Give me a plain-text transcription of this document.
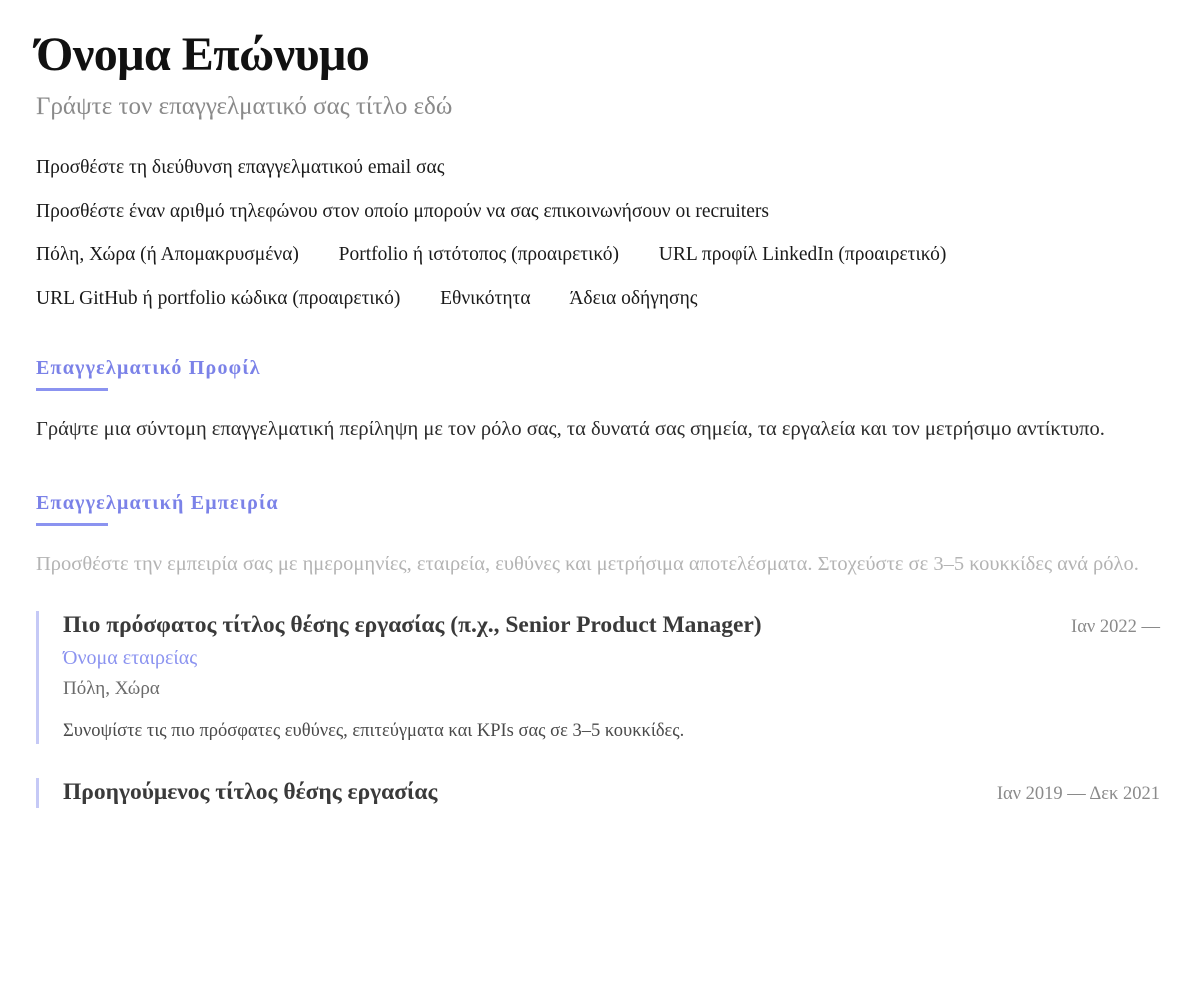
Όνομα Επώνυμο
Γράψτε τον επαγγελματικό σας τίτλο εδώ
Προσθέστε τη διεύθυνση επαγγελματικού email σας
Προσθέστε έναν αριθμό τηλεφώνου στον οποίο μπορούν να σας επικοινωνήσουν οι recruiters
Πόλη, Χώρα (ή Απομακρυσμένα) Portfolio ή ιστότοπος (προαιρετικό) URL προφίλ LinkedIn (προαιρετικό)
URL GitHub ή portfolio κώδικα (προαιρετικό) Εθνικότητα Άδεια οδήγησης
Επαγγελματικό Προφίλ

Γράψτε μια σύντομη επαγγελματική περίληψη με τον ρόλο σας, τα δυνατά σας σημεία, τα εργαλεία και τον μετρήσιμο αντίκτυπο.

Επαγγελματική Εμπειρία

Προσθέστε την εμπειρία σας με ημερομηνίες, εταιρεία, ευθύνες και μετρήσιμα αποτελέσματα. Στοχεύστε σε 3–5 κουκκίδες ανά ρόλο.

Πιο πρόσφατος τίτλος θέσης εργασίας (π.χ., Senior Product Manager)	Ιαν 2022 —
Όνομα εταιρείας
Πόλη, Χώρα
Συνοψίστε τις πιο πρόσφατες ευθύνες, επιτεύγματα και KPIs σας σε 3–5 κουκκίδες.
Προηγούμενος τίτλος θέσης εργασίας	Ιαν 2019 — Δεκ 2021
